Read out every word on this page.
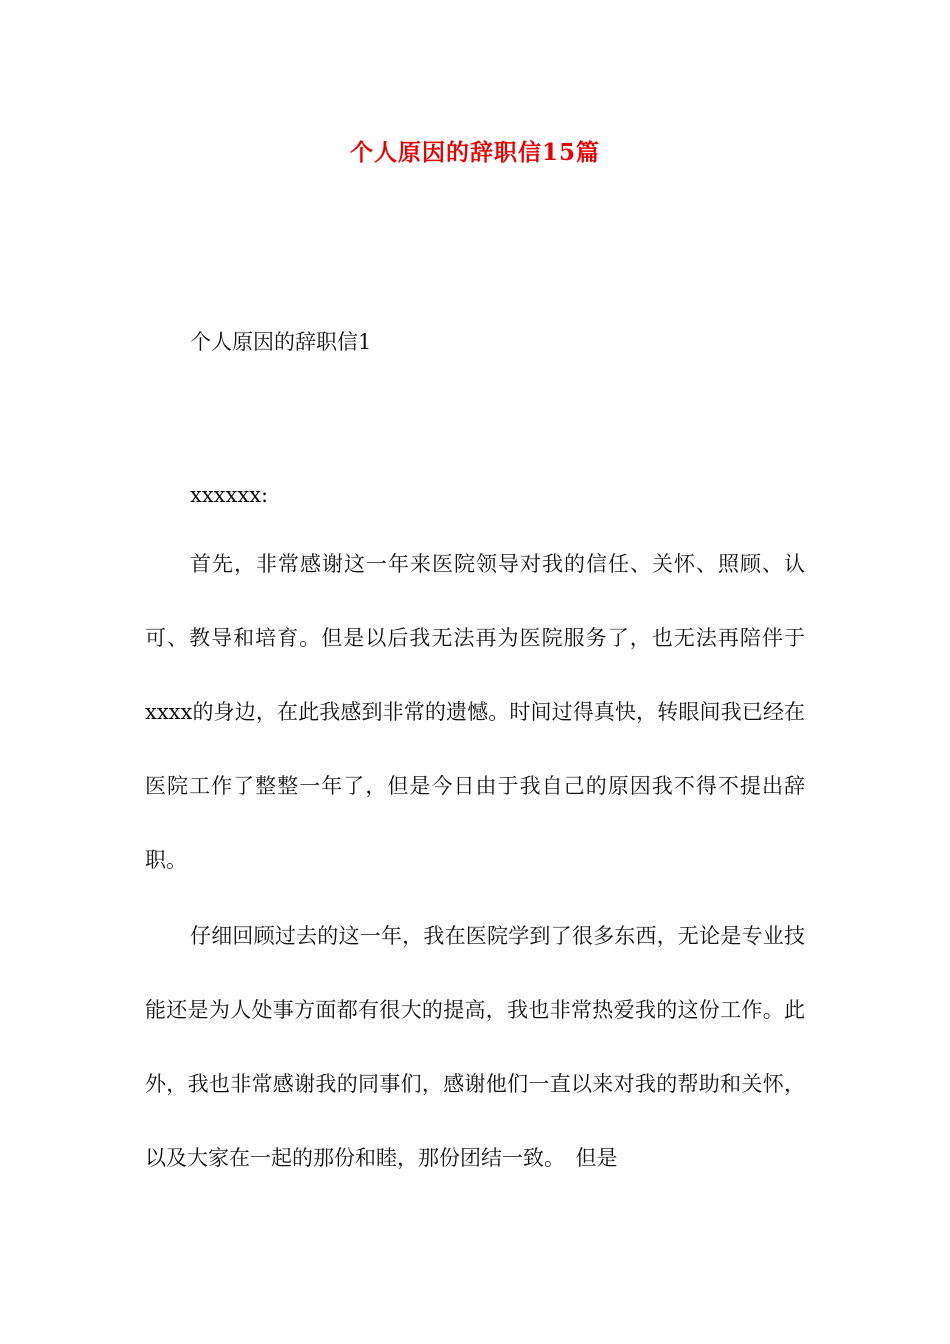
个人原因的辞职信15篇
个人原因的辞职信1
xxxxxx:

首先，非常感谢这一年来医院领导对我的信任、关怀、照顾、认可、教导和培育。但是以后我无法再为医院服务了，也无法再陪伴于xxxx的身边，在此我感到非常的遗憾。时间过得真快，转眼间我已经在医院工作了整整一年了，但是今日由于我自己的原因我不得不提出辞职。

仔细回顾过去的这一年，我在医院学到了很多东西，无论是专业技能还是为人处事方面都有很大的提高，我也非常热爱我的这份工作。此外，我也非常感谢我的同事们，感谢他们一直以来对我的帮助和关怀，以及大家在一起的那份和睦，那份团结一致。　但是
